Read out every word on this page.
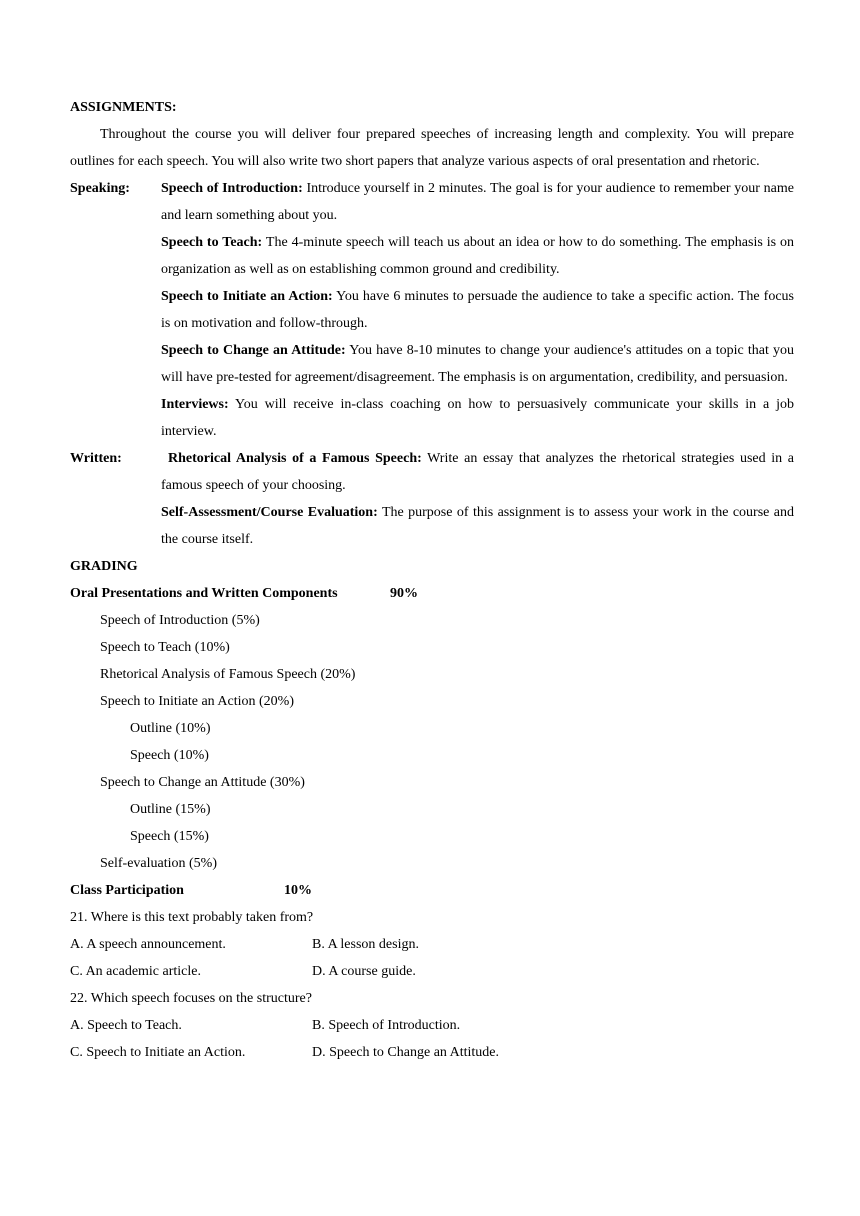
ASSIGNMENTS:
Throughout the course you will deliver four prepared speeches of increasing length and complexity. You will prepare outlines for each speech. You will also write two short papers that analyze various aspects of oral presentation and rhetoric.
Speaking:	Speech of Introduction: Introduce yourself in 2 minutes. The goal is for your audience to remember your name and learn something about you.
Speech to Teach: The 4-minute speech will teach us about an idea or how to do something. The emphasis is on organization as well as on establishing common ground and credibility.
Speech to Initiate an Action: You have 6 minutes to persuade the audience to take a specific action. The focus is on motivation and follow-through.
Speech to Change an Attitude: You have 8-10 minutes to change your audience's attitudes on a topic that you will have pre-tested for agreement/disagreement. The emphasis is on argumentation, credibility, and persuasion.
Interviews: You will receive in-class coaching on how to persuasively communicate your skills in a job interview.
Written:	Rhetorical Analysis of a Famous Speech: Write an essay that analyzes the rhetorical strategies used in a famous speech of your choosing.
Self-Assessment/Course Evaluation: The purpose of this assignment is to assess your work in the course and the course itself.
GRADING
Oral Presentations and Written Components	90%
Speech of Introduction (5%)
Speech to Teach (10%)
Rhetorical Analysis of Famous Speech (20%)
Speech to Initiate an Action (20%)
Outline (10%)
Speech (10%)
Speech to Change an Attitude (30%)
Outline (15%)
Speech (15%)
Self-evaluation (5%)
Class Participation	10%
21. Where is this text probably taken from?
A. A speech announcement.	B. A lesson design.
C. An academic article.	D. A course guide.
22. Which speech focuses on the structure?
A. Speech to Teach.	B. Speech of Introduction.
C. Speech to Initiate an Action.	D. Speech to Change an Attitude.
